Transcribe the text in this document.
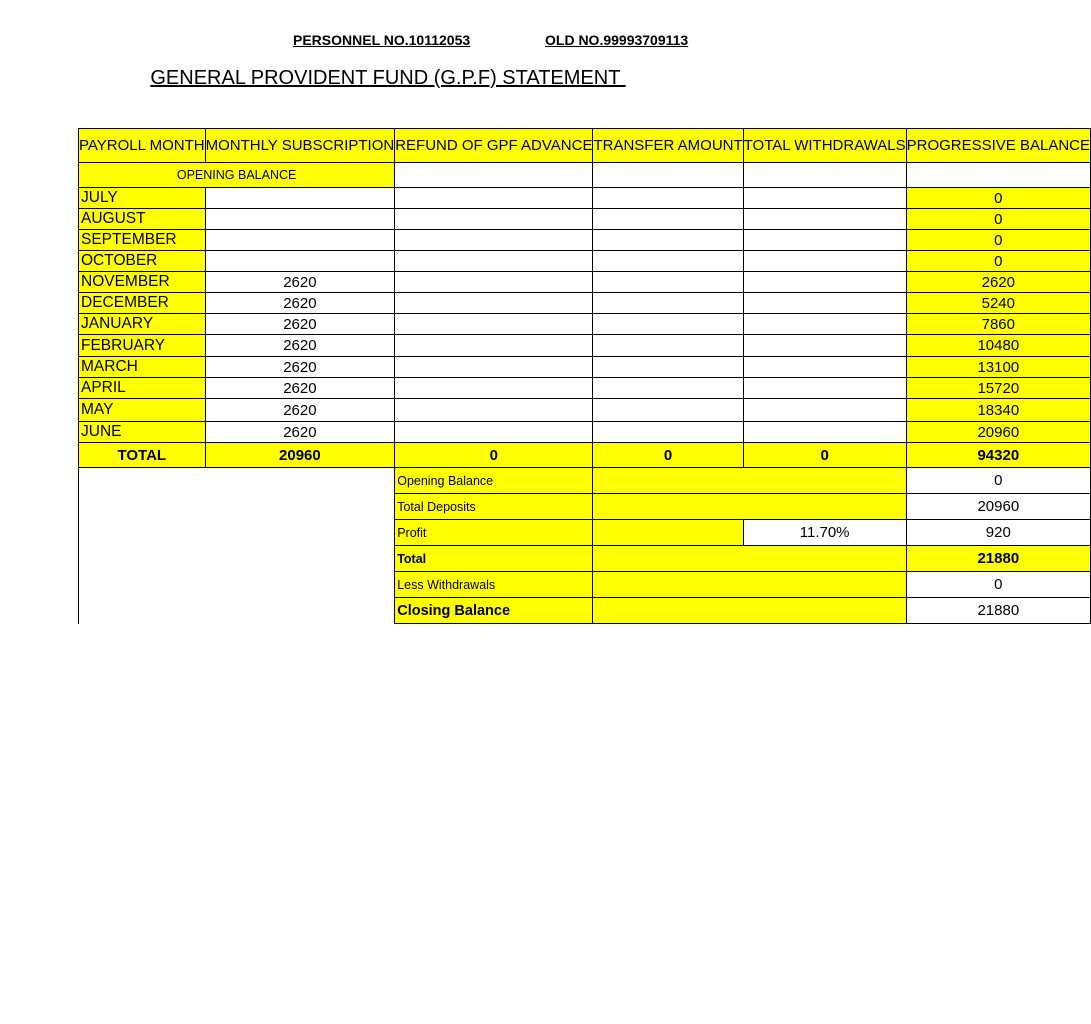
PERSONNEL NO.10112053	OLD NO.99993709113
GENERAL PROVIDENT FUND (G.P.F) STATEMENT
PAYROLL MONTH	MONTHLY SUBSCRIPTION	REFUND OF GPF ADVANCE	TRANSFER AMOUNT	TOTAL WITHDRAWALS	PROGRESSIVE BALANCE
OPENING BALANCE					
JULY					0
AUGUST					0
SEPTEMBER					0
OCTOBER					0
NOVEMBER	2620				2620
DECEMBER	2620				5240
JANUARY	2620				7860
FEBRUARY	2620				10480
MARCH	2620				13100
APRIL	2620				15720
MAY	2620				18340
JUNE	2620				20960
TOTAL	20960	0	0	0	94320
		Opening Balance			0
		Total Deposits			20960
		Profit		11.70%	920
		Total			21880
		Less Withdrawals			0
		Closing Balance			21880
